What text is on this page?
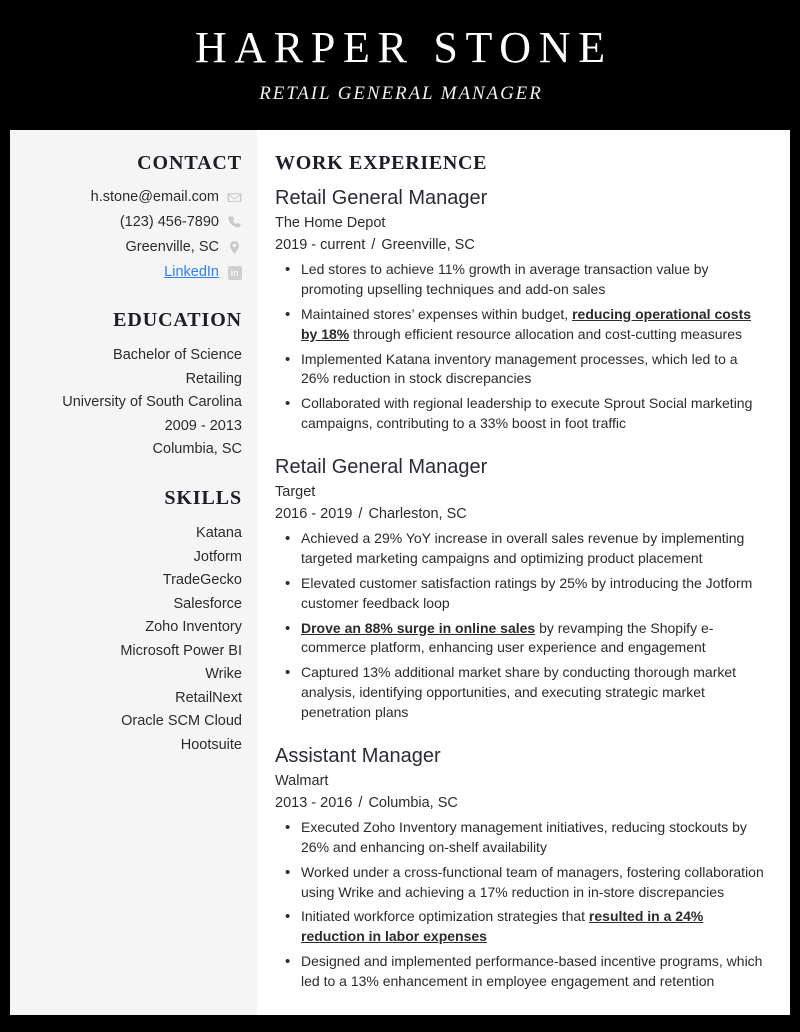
HARPER STONE
RETAIL GENERAL MANAGER
CONTACT
h.stone@email.com
(123) 456-7890
Greenville, SC
LinkedIn	in
EDUCATION
Bachelor of Science
Retailing
University of South Carolina
2009 - 2013
Columbia, SC
SKILLS
Katana
Jotform
TradeGecko
Salesforce
Zoho Inventory
Microsoft Power BI
Wrike
RetailNext
Oracle SCM Cloud
Hootsuite
WORK EXPERIENCE
Retail General Manager
The Home Depot
2019 - current / Greenville, SC
• Led stores to achieve 11% growth in average transaction value by promoting upselling techniques and add-on sales
• Maintained stores’ expenses within budget, reducing operational costs by 18% through efficient resource allocation and cost-cutting measures
• Implemented Katana inventory management processes, which led to a 26% reduction in stock discrepancies
• Collaborated with regional leadership to execute Sprout Social marketing campaigns, contributing to a 33% boost in foot traffic
Retail General Manager
Target
2016 - 2019 / Charleston, SC
• Achieved a 29% YoY increase in overall sales revenue by implementing targeted marketing campaigns and optimizing product placement
• Elevated customer satisfaction ratings by 25% by introducing the Jotform customer feedback loop
• Drove an 88% surge in online sales by revamping the Shopify e-commerce platform, enhancing user experience and engagement
• Captured 13% additional market share by conducting thorough market analysis, identifying opportunities, and executing strategic market penetration plans
Assistant Manager
Walmart
2013 - 2016 / Columbia, SC
• Executed Zoho Inventory management initiatives, reducing stockouts by 26% and enhancing on-shelf availability
• Worked under a cross-functional team of managers, fostering collaboration using Wrike and achieving a 17% reduction in in-store discrepancies
• Initiated workforce optimization strategies that resulted in a 24% reduction in labor expenses
• Designed and implemented performance-based incentive programs, which led to a 13% enhancement in employee engagement and retention
